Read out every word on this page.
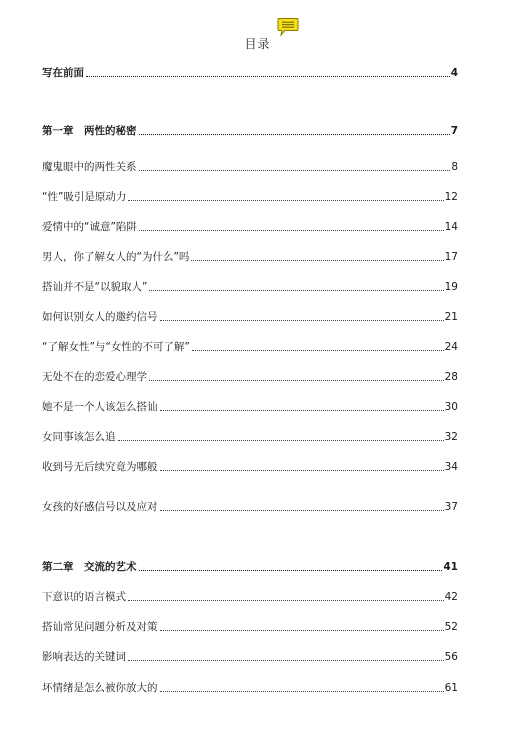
目录
写在前面	4
第一章　两性的秘密	7
魔鬼眼中的两性关系	8
“性”吸引是原动力	12
爱情中的“诚意”陷阱	14
男人，你了解女人的“为什么”吗	17
搭讪并不是“以貌取人”	19
如何识别女人的邀约信号	21
“了解女性”与“女性的不可了解”	24
无处不在的恋爱心理学	28
她不是一个人该怎么搭讪	30
女同事该怎么追	32
收到号无后续究竟为哪般	34
女孩的好感信号以及应对	37
第二章　交流的艺术	41
下意识的语言模式	42
搭讪常见问题分析及对策	52
影响表达的关键词	56
坏情绪是怎么被你放大的	61
